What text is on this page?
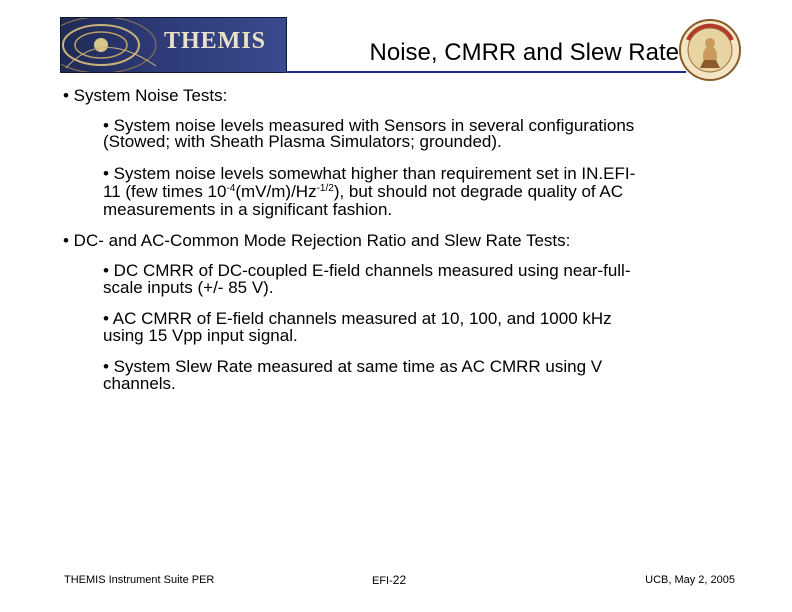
THEMIS	Noise, CMRR and Slew Rate
• System Noise Tests:
• System noise levels measured with Sensors in several configurations
(Stowed; with Sheath Plasma Simulators; grounded).
• System noise levels somewhat higher than requirement set in IN.EFI-
11 (few times $10^{-4}(mV/m)/Hz^{-1/2}$), but should not degrade quality of AC
measurements in a significant fashion.
• DC- and AC-Common Mode Rejection Ratio and Slew Rate Tests:
• DC CMRR of DC-coupled E-field channels measured using near-full-
scale inputs (+/- 85 V).
• AC CMRR of E-field channels measured at 10, 100, and 1000 kHz
using 15 Vpp input signal.
• System Slew Rate measured at same time as AC CMRR using V
channels.
THEMIS Instrument Suite PER	EFI-22	UCB, May 2, 2005
